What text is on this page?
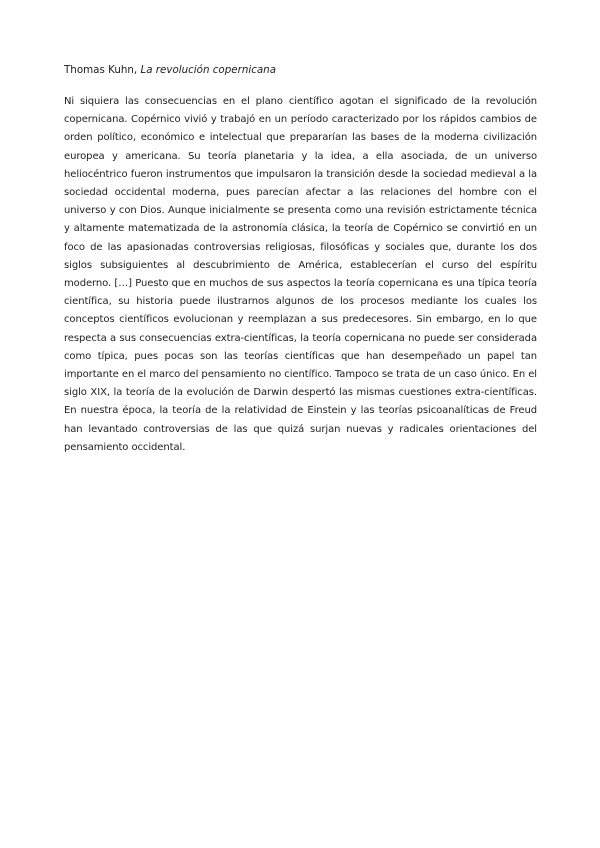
Thomas Kuhn, La revolución copernicana

Ni siquiera las consecuencias en el plano científico agotan el significado de la revolución copernicana. Copérnico vivió y trabajó en un período caracterizado por los rápidos cambios de orden político, económico e intelectual que prepararían las bases de la moderna civilización europea y americana. Su teoría planetaria y la idea, a ella asociada, de un universo heliocéntrico fueron instrumentos que impulsaron la transición desde la sociedad medieval a la sociedad occidental moderna, pues parecían afectar a las relaciones del hombre con el universo y con Dios. Aunque inicialmente se presenta como una revisión estrictamente técnica y altamente matematizada de la astronomía clásica, la teoría de Copérnico se convirtió en un foco de las apasionadas controversias religiosas, filosóficas y sociales que, durante los dos siglos subsiguientes al descubrimiento de América, establecerían el curso del espíritu moderno. […] Puesto que en muchos de sus aspectos la teoría copernicana es una típica teoría científica, su historia puede ilustrarnos algunos de los procesos mediante los cuales los conceptos científicos evolucionan y reemplazan a sus predecesores. Sin embargo, en lo que respecta a sus consecuencias extra-científicas, la teoría copernicana no puede ser considerada como típica, pues pocas son las teorías científicas que han desempeñado un papel tan importante en el marco del pensamiento no científico. Tampoco se trata de un caso único. En el siglo XIX, la teoría de la evolución de Darwin despertó las mismas cuestiones extra-científicas. En nuestra época, la teoría de la relatividad de Einstein y las teorías psicoanalíticas de Freud han levantado controversias de las que quizá surjan nuevas y radicales orientaciones del pensamiento occidental.
